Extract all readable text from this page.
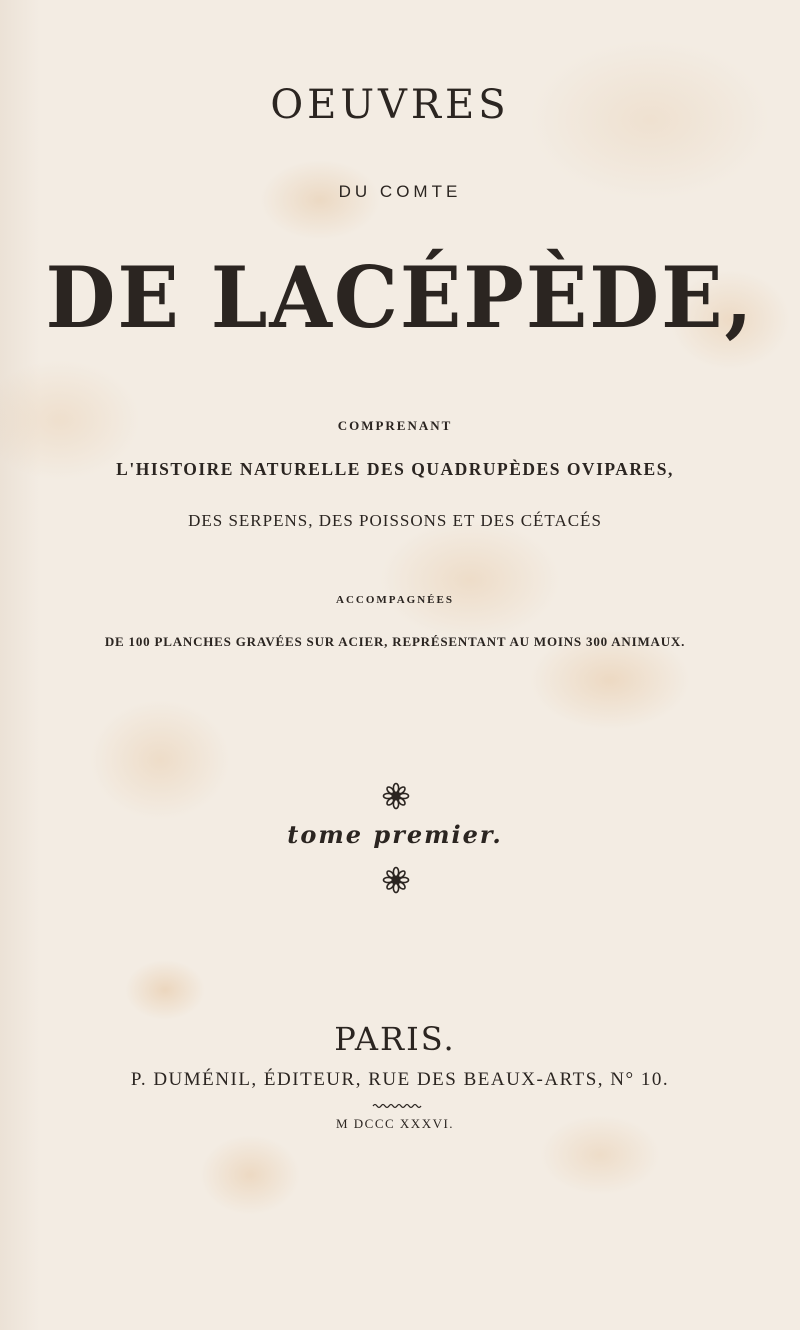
OEUVRES
DU COMTE
DE LACÉPÈDE,
COMPRENANT
L'HISTOIRE NATURELLE DES QUADRUPÈDES OVIPARES,
DES SERPENS, DES POISSONS ET DES CÉTACÉS
ACCOMPAGNÉES
DE 100 PLANCHES GRAVÉES SUR ACIER, REPRÉSENTANT AU MOINS 300 ANIMAUX.
tome premier.
PARIS.
P. DUMÉNIL, ÉDITEUR, RUE DES BEAUX-ARTS, N° 10.
M DCCC XXXVI.
